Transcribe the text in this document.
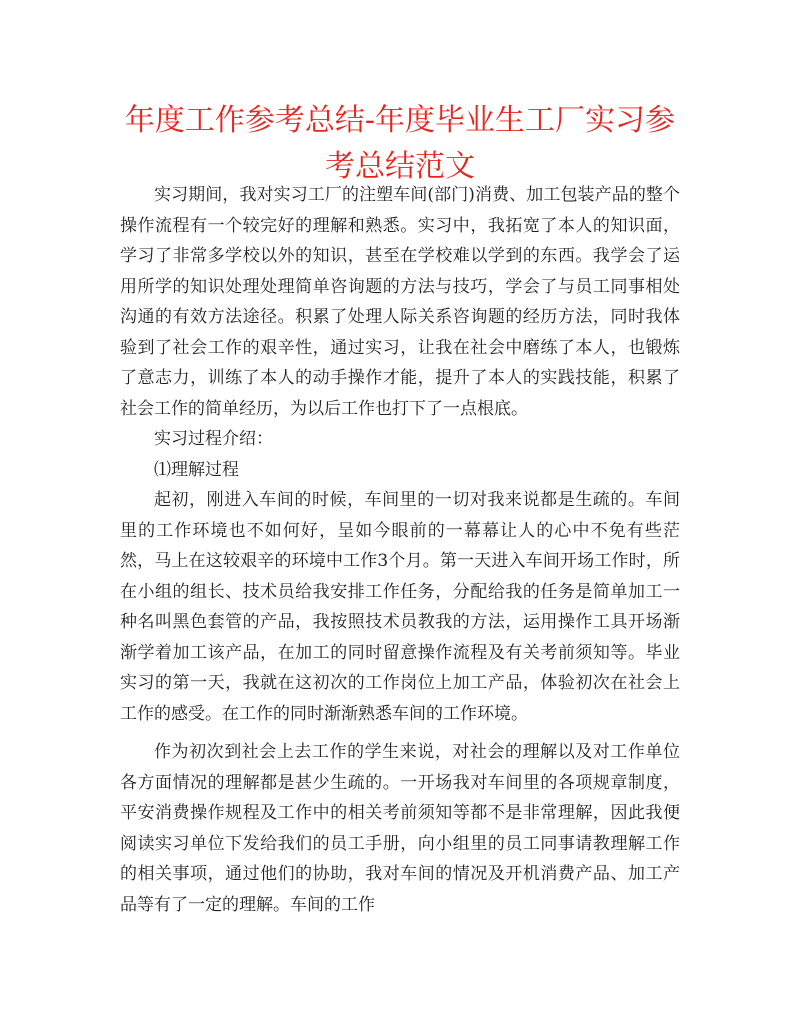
年度工作参考总结-年度毕业生工厂实习参考总结范文

实习期间，我对实习工厂的注塑车间(部门)消费、加工包装产品的整个操作流程有一个较完好的理解和熟悉。实习中，我拓宽了本人的知识面，学习了非常多学校以外的知识，甚至在学校难以学到的东西。我学会了运用所学的知识处理处理简单咨询题的方法与技巧，学会了与员工同事相处沟通的有效方法途径。积累了处理人际关系咨询题的经历方法，同时我体验到了社会工作的艰辛性，通过实习，让我在社会中磨练了本人，也锻炼了意志力，训练了本人的动手操作才能，提升了本人的实践技能，积累了社会工作的简单经历，为以后工作也打下了一点根底。

实习过程介绍：

⑴理解过程

起初，刚进入车间的时候，车间里的一切对我来说都是生疏的。车间里的工作环境也不如何好，呈如今眼前的一幕幕让人的心中不免有些茫然，马上在这较艰辛的环境中工作3个月。第一天进入车间开场工作时，所在小组的组长、技术员给我安排工作任务，分配给我的任务是简单加工一种名叫黑色套管的产品，我按照技术员教我的方法，运用操作工具开场渐渐学着加工该产品，在加工的同时留意操作流程及有关考前须知等。毕业实习的第一天，我就在这初次的工作岗位上加工产品，体验初次在社会上工作的感受。在工作的同时渐渐熟悉车间的工作环境。

作为初次到社会上去工作的学生来说，对社会的理解以及对工作单位各方面情况的理解都是甚少生疏的。一开场我对车间里的各项规章制度，平安消费操作规程及工作中的相关考前须知等都不是非常理解，因此我便阅读实习单位下发给我们的员工手册，向小组里的员工同事请教理解工作的相关事项，通过他们的协助，我对车间的情况及开机消费产品、加工产品等有了一定的理解。车间的工作
